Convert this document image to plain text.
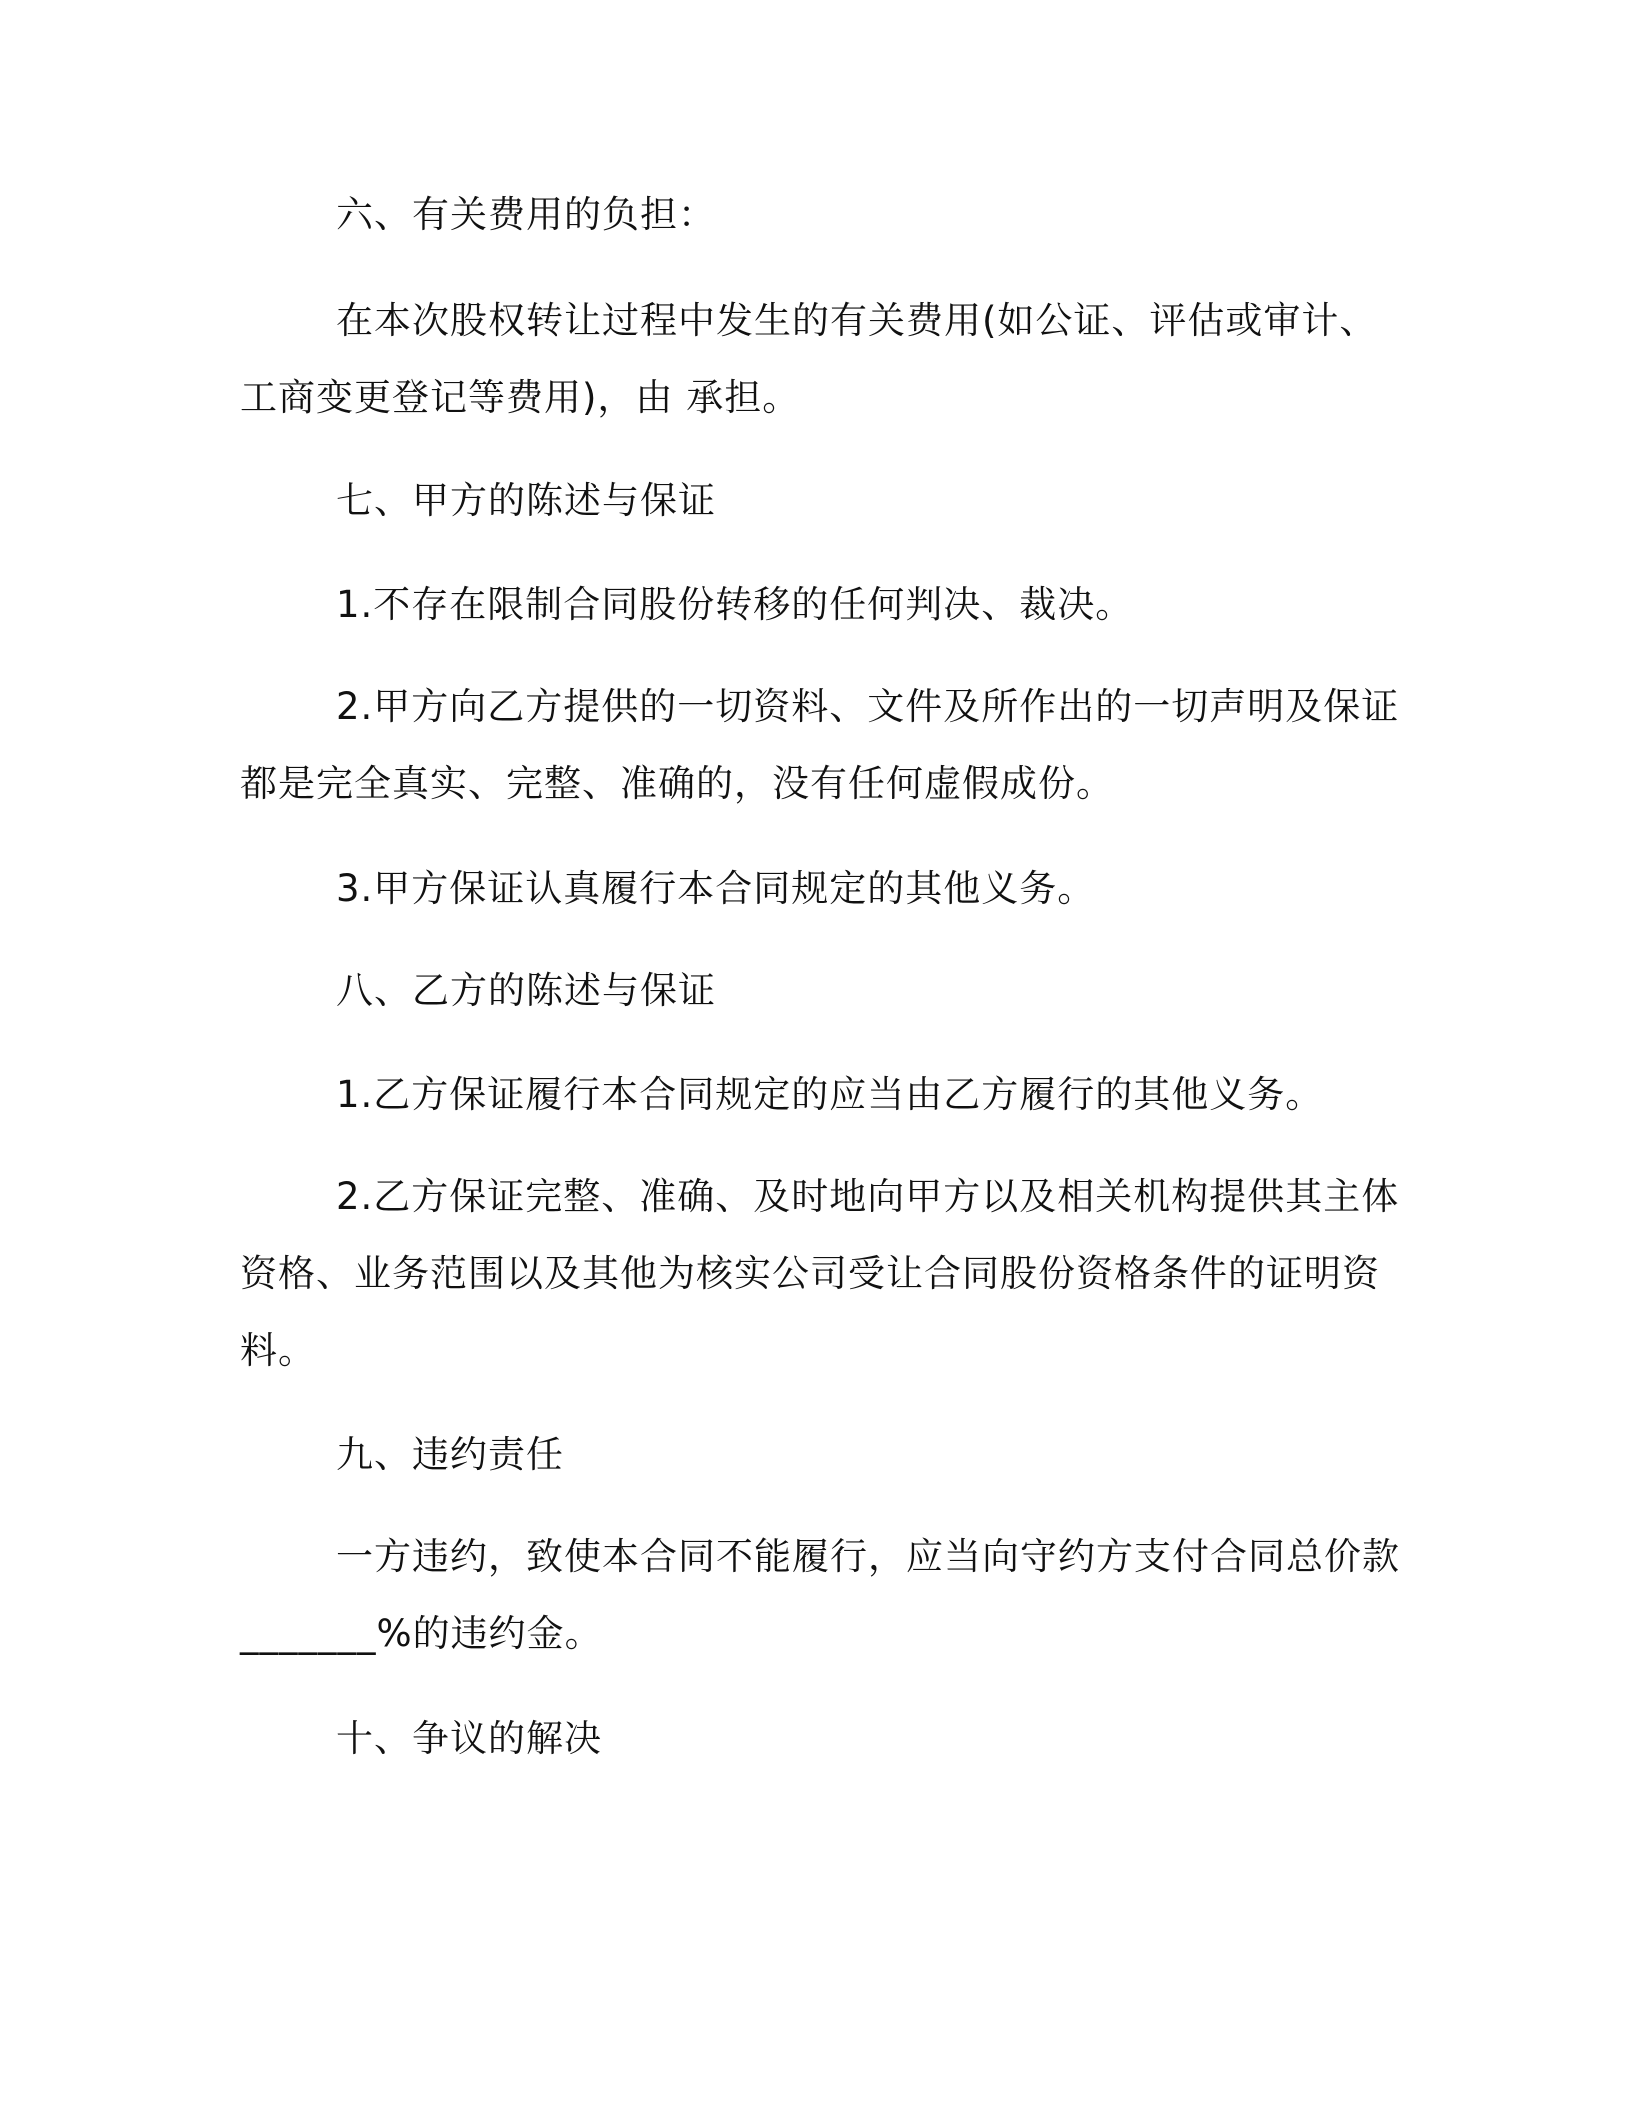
六、有关费用的负担：

在本次股权转让过程中发生的有关费用(如公证、评估或审计、
工商变更登记等费用)，由 承担。

七、甲方的陈述与保证

1.不存在限制合同股份转移的任何判决、裁决。

2.甲方向乙方提供的一切资料、文件及所作出的一切声明及保证
都是完全真实、完整、准确的，没有任何虚假成份。

3.甲方保证认真履行本合同规定的其他义务。

八、乙方的陈述与保证

1.乙方保证履行本合同规定的应当由乙方履行的其他义务。

2.乙方保证完整、准确、及时地向甲方以及相关机构提供其主体
资格、业务范围以及其他为核实公司受让合同股份资格条件的证明资
料。

九、违约责任

一方违约，致使本合同不能履行，应当向守约方支付合同总价款
_______%的违约金。

十、争议的解决
